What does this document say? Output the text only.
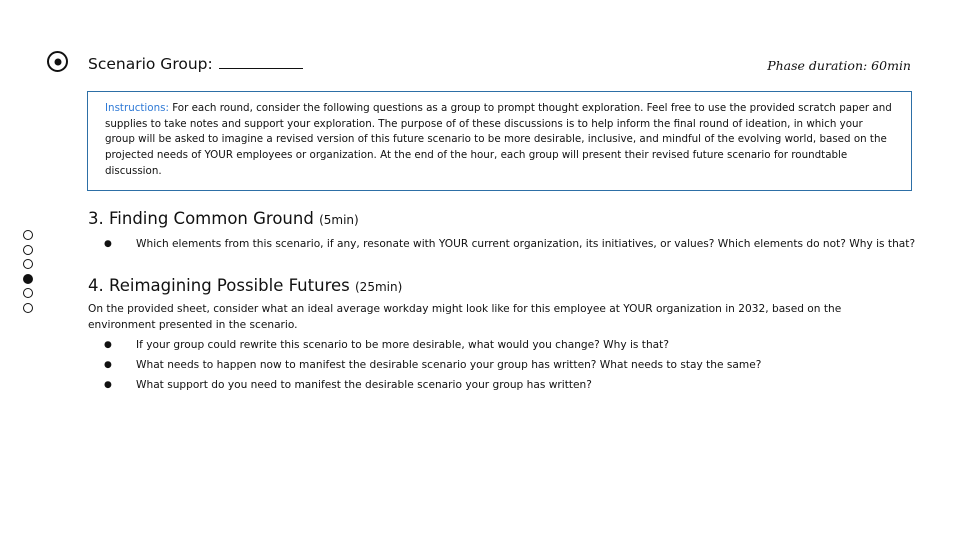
Scenario Group:	Phase duration: 60min
Instructions: For each round, consider the following questions as a group to prompt thought exploration. Feel free to use the provided scratch paper and supplies to take notes and support your exploration. The purpose of of these discussions is to help inform the final round of ideation, in which your group will be asked to imagine a revised version of this future scenario to be more desirable, inclusive, and mindful of the evolving world, based on the projected needs of YOUR employees or organization. At the end of the hour, each group will present their revised future scenario for roundtable discussion.
3. Finding Common Ground (5min)
● Which elements from this scenario, if any, resonate with YOUR current organization, its initiatives, or values? Which elements do not? Why is that?
4. Reimagining Possible Futures (25min)
On the provided sheet, consider what an ideal average workday might look like for this employee at YOUR organization in 2032, based on the environment presented in the scenario.
● If your group could rewrite this scenario to be more desirable, what would you change? Why is that?
● What needs to happen now to manifest the desirable scenario your group has written? What needs to stay the same?
● What support do you need to manifest the desirable scenario your group has written?
